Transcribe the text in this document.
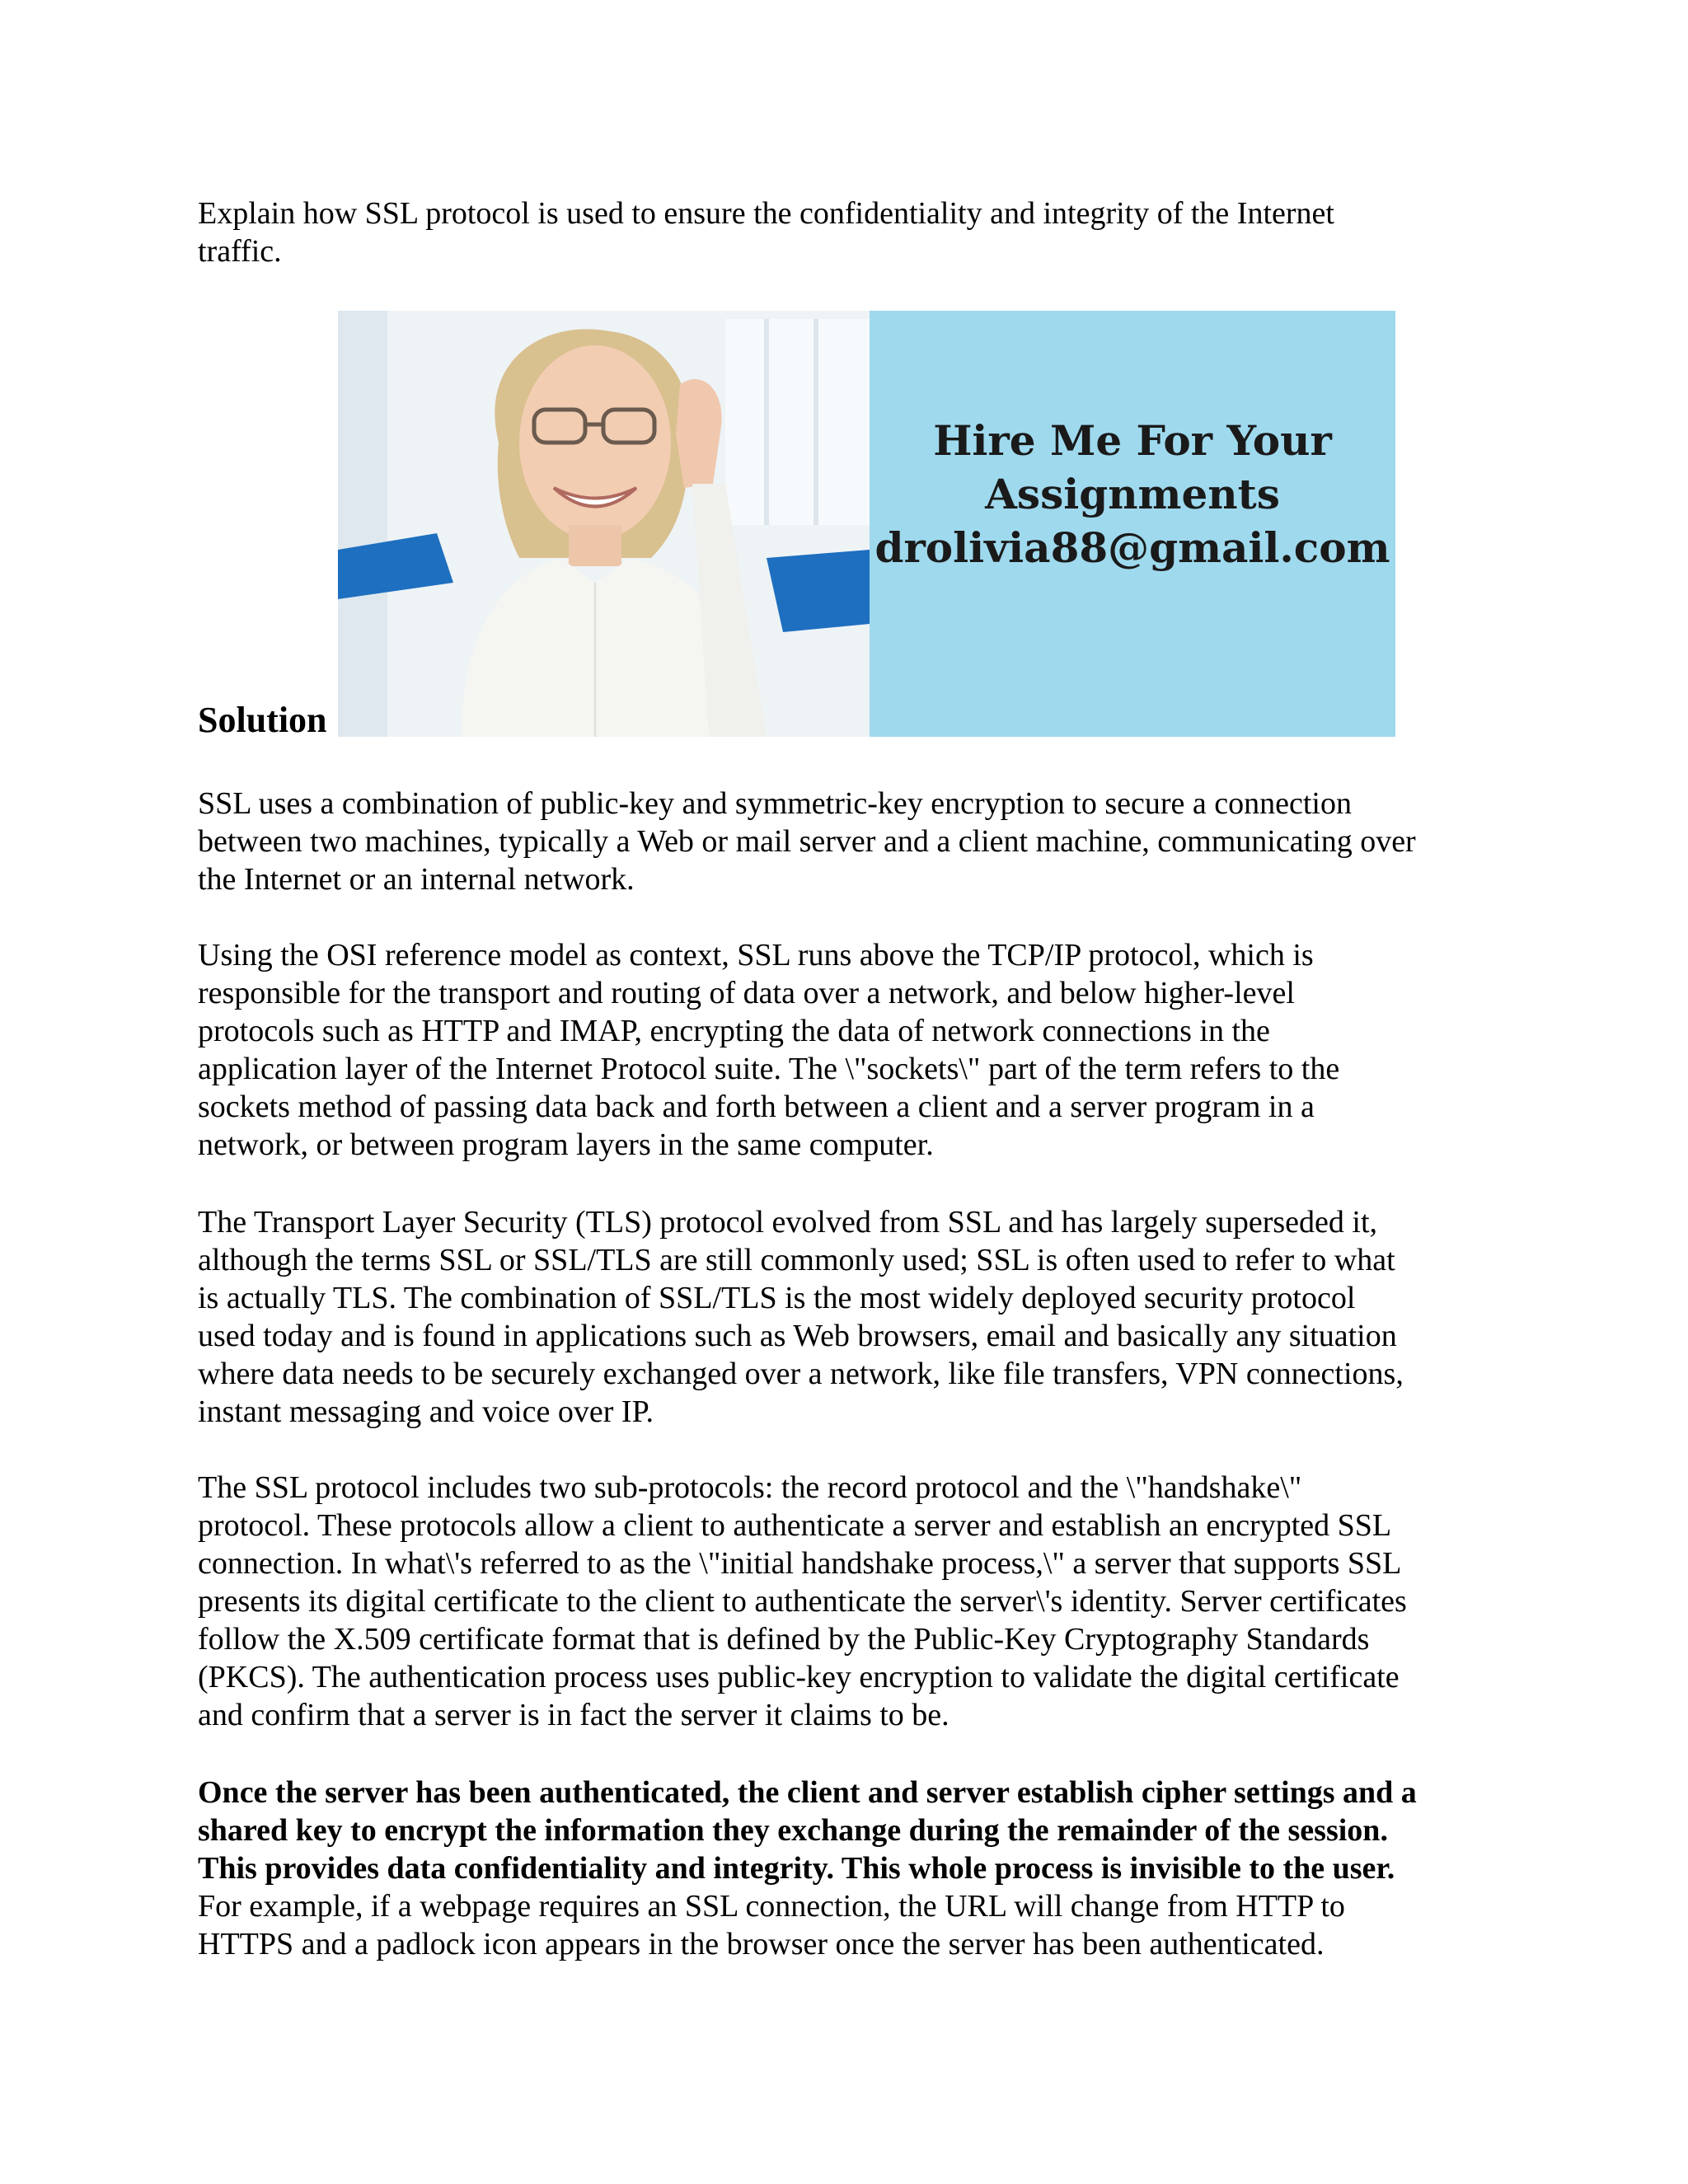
Explain how SSL protocol is used to ensure the confidentiality and integrity of the Internet
traffic.
Hire Me For Your
Assignments
drolivia88@gmail.com
Solution
SSL uses a combination of public-key and symmetric-key encryption to secure a connection
between two machines, typically a Web or mail server and a client machine, communicating over
the Internet or an internal network.
Using the OSI reference model as context, SSL runs above the TCP/IP protocol, which is
responsible for the transport and routing of data over a network, and below higher-level
protocols such as HTTP and IMAP, encrypting the data of network connections in the
application layer of the Internet Protocol suite. The \"sockets\" part of the term refers to the
sockets method of passing data back and forth between a client and a server program in a
network, or between program layers in the same computer.
The Transport Layer Security (TLS) protocol evolved from SSL and has largely superseded it,
although the terms SSL or SSL/TLS are still commonly used; SSL is often used to refer to what
is actually TLS. The combination of SSL/TLS is the most widely deployed security protocol
used today and is found in applications such as Web browsers, email and basically any situation
where data needs to be securely exchanged over a network, like file transfers, VPN connections,
instant messaging and voice over IP.
The SSL protocol includes two sub-protocols: the record protocol and the \"handshake\"
protocol. These protocols allow a client to authenticate a server and establish an encrypted SSL
connection. In what\'s referred to as the \"initial handshake process,\" a server that supports SSL
presents its digital certificate to the client to authenticate the server\'s identity. Server certificates
follow the X.509 certificate format that is defined by the Public-Key Cryptography Standards
(PKCS). The authentication process uses public-key encryption to validate the digital certificate
and confirm that a server is in fact the server it claims to be.
Once the server has been authenticated, the client and server establish cipher settings and a
shared key to encrypt the information they exchange during the remainder of the session.
This provides data confidentiality and integrity. This whole process is invisible to the user.
For example, if a webpage requires an SSL connection, the URL will change from HTTP to
HTTPS and a padlock icon appears in the browser once the server has been authenticated.
